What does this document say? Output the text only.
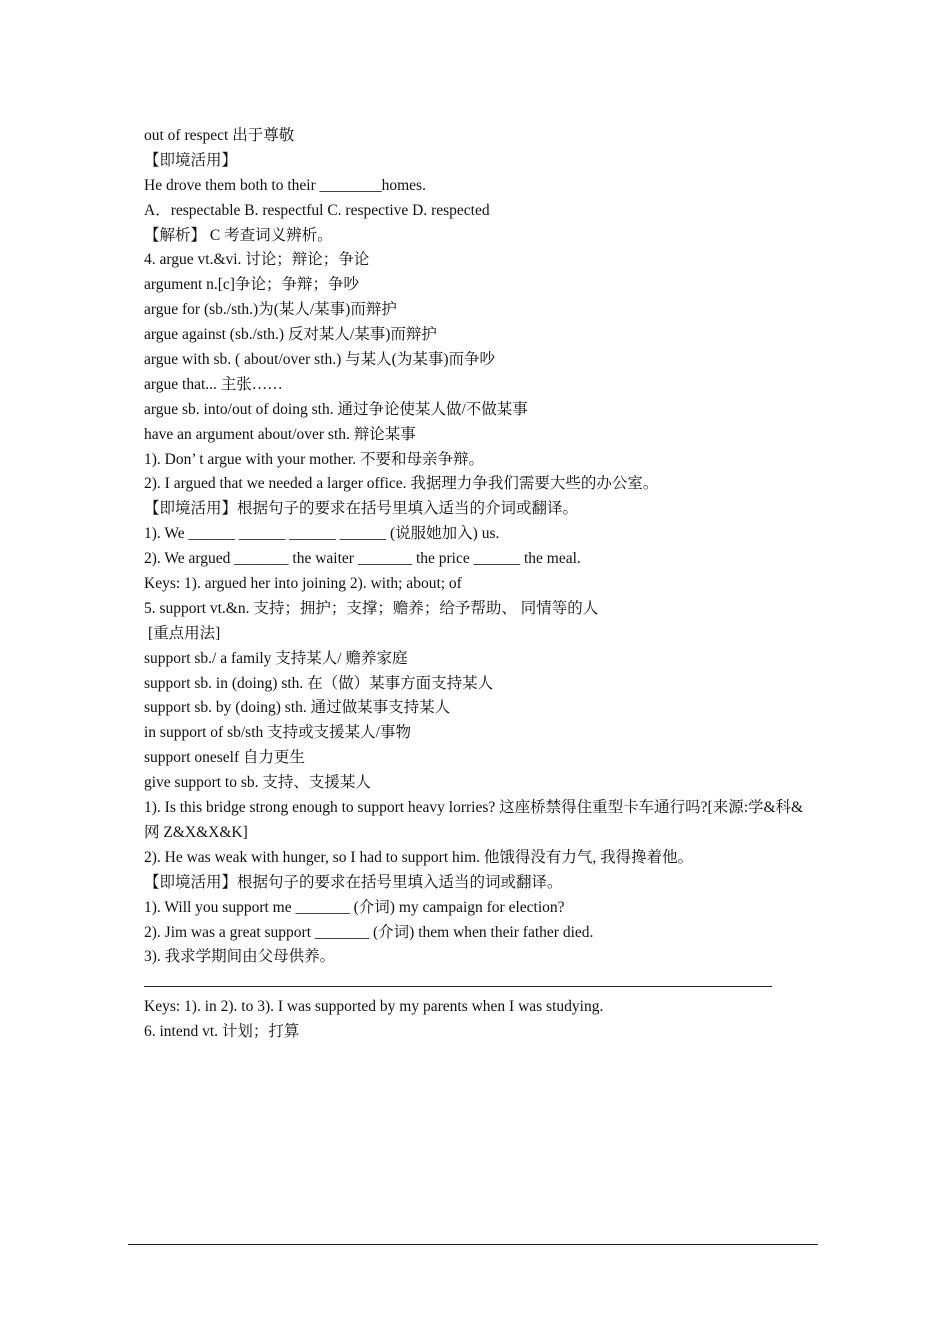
out of respect 出于尊敬
【即境活用】
He drove them both to their ________homes.
A．respectable B. respectful C. respective D. respected
【解析】 C 考查词义辨析。
4. argue vt.&vi. 讨论；辩论；争论
argument n.[c]争论；争辩；争吵
argue for (sb./sth.)为(某人/某事)而辩护
argue against (sb./sth.) 反对某人/某事)而辩护
argue with sb. ( about/over sth.) 与某人(为某事)而争吵
argue that... 主张……
argue sb. into/out of doing sth. 通过争论使某人做/不做某事
have an argument about/over sth. 辩论某事
1). Don’ t argue with your mother. 不要和母亲争辩。
2). I argued that we needed a larger office. 我据理力争我们需要大些的办公室。
【即境活用】根据句子的要求在括号里填入适当的介词或翻译。
1). We ______ ______ ______ ______ (说服她加入) us.
2). We argued _______ the waiter _______ the price ______ the meal.
Keys: 1). argued her into joining 2). with; about; of
5. support vt.&n. 支持；拥护；支撑；赡养；给予帮助、 同情等的人
[重点用法]
support sb./ a family 支持某人/ 赡养家庭
support sb. in (doing) sth. 在（做）某事方面支持某人
support sb. by (doing) sth. 通过做某事支持某人
in support of sb/sth 支持或支援某人/事物
support oneself 自力更生
give support to sb. 支持、支援某人
1). Is this bridge strong enough to support heavy lorries? 这座桥禁得住重型卡车通行吗?[来源:学&科&网 Z&X&X&K]
2). He was weak with hunger, so I had to support him. 他饿得没有力气, 我得搀着他。
【即境活用】根据句子的要求在括号里填入适当的词或翻译。
1). Will you support me _______ (介词) my campaign for election?
2). Jim was a great support _______ (介词) them when their father died.
3). 我求学期间由父母供养。
Keys: 1). in 2). to 3). I was supported by my parents when I was studying.
6. intend vt. 计划；打算
